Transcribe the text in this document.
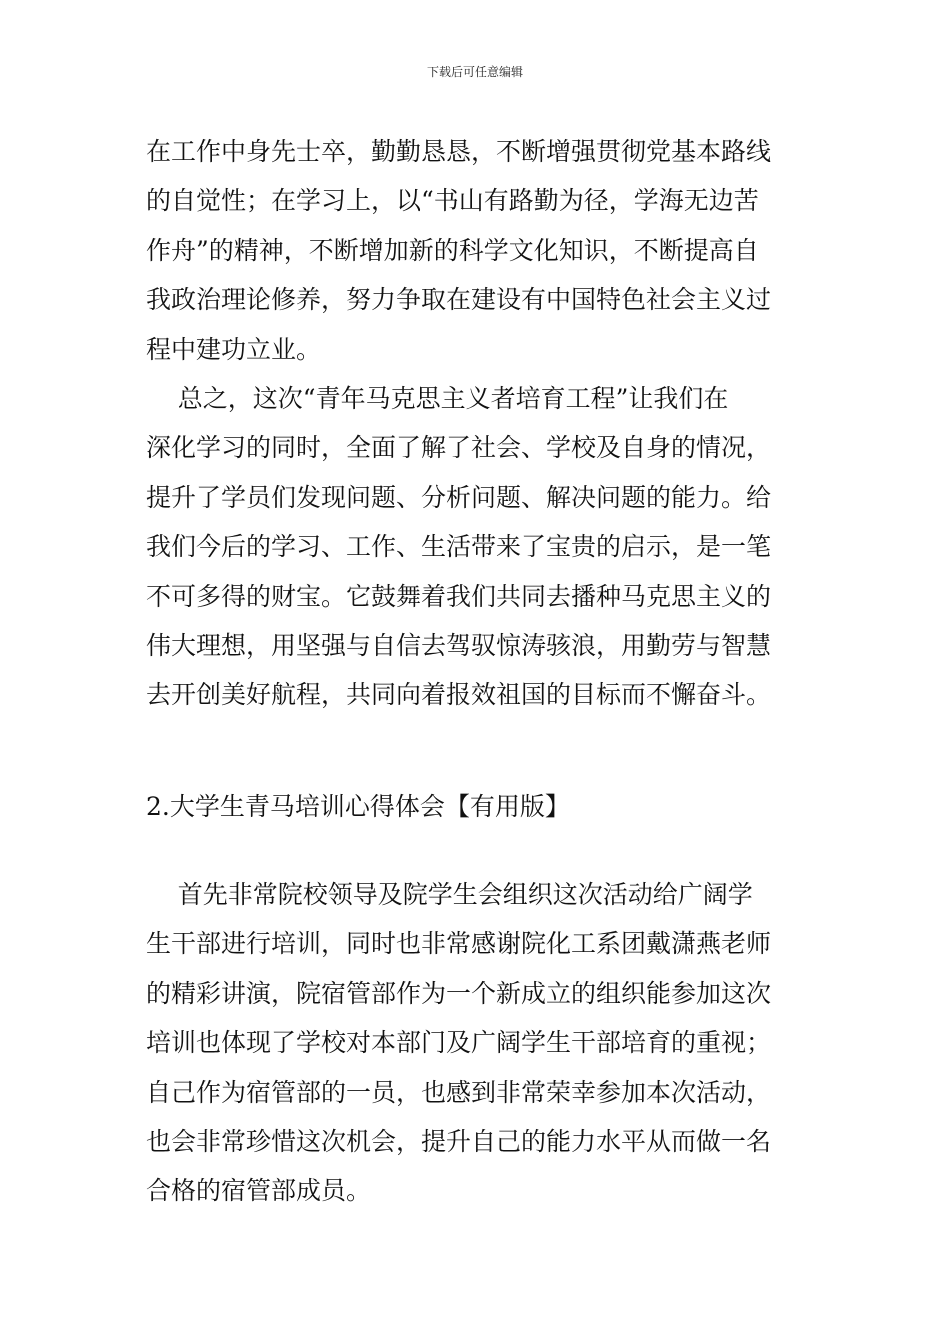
下载后可任意编辑

在工作中身先士卒，勤勤恳恳，不断增强贯彻党基本路线
的自觉性；在学习上，以“书山有路勤为径，学海无边苦
作舟”的精神，不断增加新的科学文化知识，不断提高自
我政治理论修养，努力争取在建设有中国特色社会主义过
程中建功立业。

总之，这次“青年马克思主义者培育工程”让我们在
深化学习的同时，全面了解了社会、学校及自身的情况，
提升了学员们发现问题、分析问题、解决问题的能力。给
我们今后的学习、工作、生活带来了宝贵的启示，是一笔
不可多得的财宝。它鼓舞着我们共同去播种马克思主义的
伟大理想，用坚强与自信去驾驭惊涛骇浪，用勤劳与智慧
去开创美好航程，共同向着报效祖国的目标而不懈奋斗。

2.大学生青马培训心得体会【有用版】

首先非常院校领导及院学生会组织这次活动给广阔学
生干部进行培训，同时也非常感谢院化工系团戴潇燕老师
的精彩讲演，院宿管部作为一个新成立的组织能参加这次
培训也体现了学校对本部门及广阔学生干部培育的重视；
自己作为宿管部的一员，也感到非常荣幸参加本次活动，
也会非常珍惜这次机会，提升自己的能力水平从而做一名
合格的宿管部成员。
